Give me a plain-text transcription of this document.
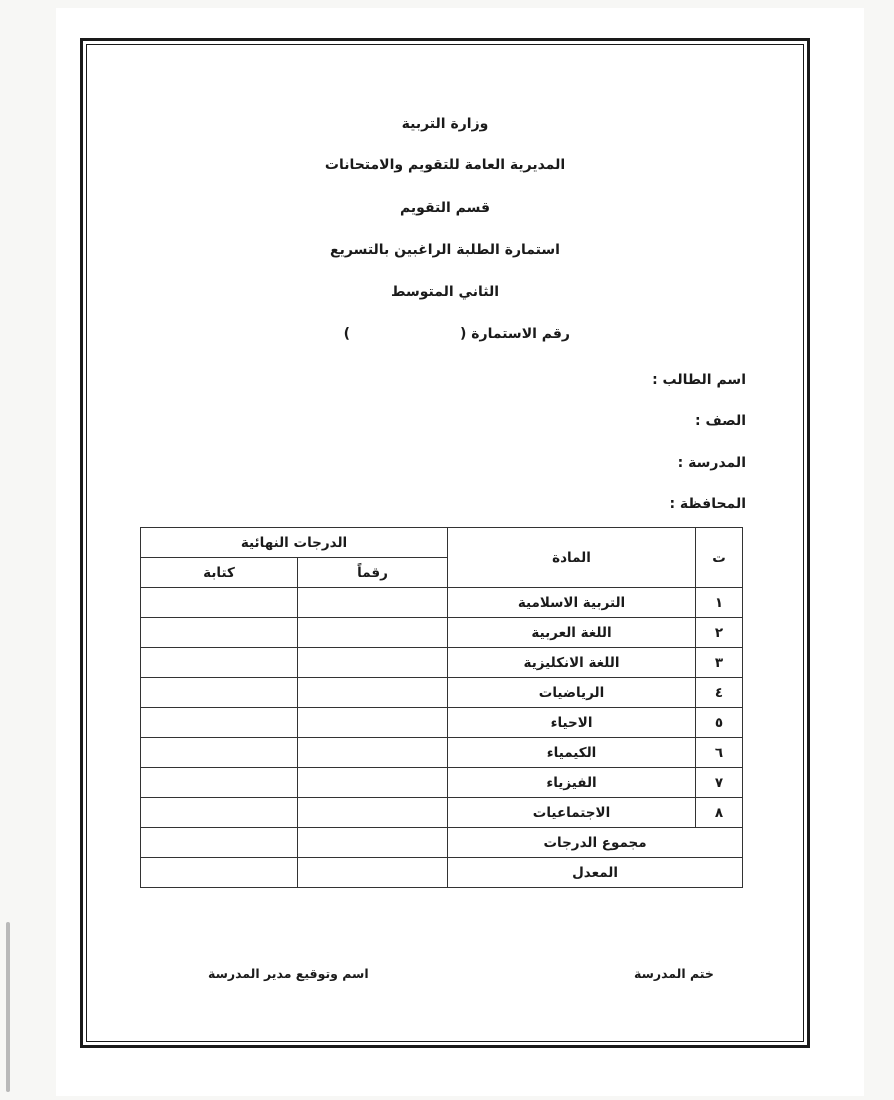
وزارة التربية
المديرية العامة للتقويم والامتحانات
قسم التقويم
استمارة الطلبة الراغبين بالتسريع
الثاني المتوسط
رقم الاستمارة ()
اسم الطالب :
الصف :
المدرسة :
المحافظة :
ت	المادة	الدرجات النهائية	
		رقماً	كتابة
١	التربية الاسلامية		
٢	اللغة العربية		
٣	اللغة الانكليزية		
٤	الرياضيات		
٥	الاحياء		
٦	الكيمياء		
٧	الفيزياء		
٨	الاجتماعيات		
مجموع الدرجات			
المعدل			
ختم المدرسة
اسم وتوقيع مدير المدرسة
